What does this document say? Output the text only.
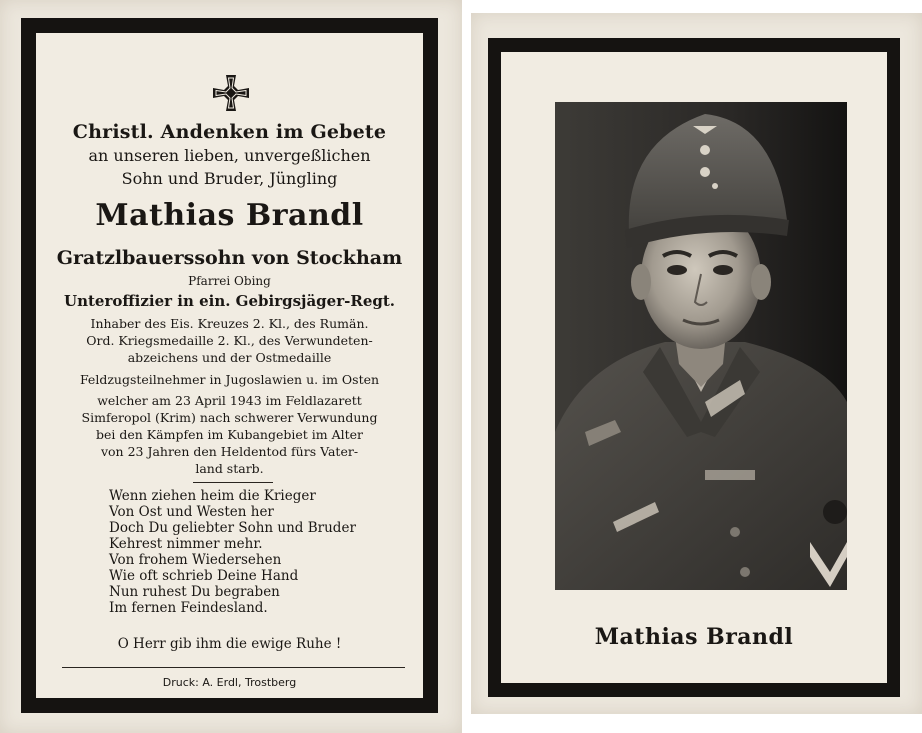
Christl. Andenken im Gebete
an unseren lieben, unvergeßlichen
Sohn und Bruder, Jüngling
Mathias Brandl
Gratzlbauerssohn von Stockham
Pfarrei Obing
Unteroffizier in ein. Gebirgsjäger-Regt.
Inhaber des Eis. Kreuzes 2. Kl., des Rumän.
Ord. Kriegsmedaille 2. Kl., des Verwundeten-
abzeichens und der Ostmedaille
Feldzugsteilnehmer in Jugoslawien u. im Osten
welcher am 23 April 1943 im Feldlazarett
Simferopol (Krim) nach schwerer Verwundung
bei den Kämpfen im Kubangebiet im Alter
von 23 Jahren den Heldentod fürs Vater-
land starb.
Wenn ziehen heim die Krieger
Von Ost und Westen her
Doch Du geliebter Sohn und Bruder
Kehrest nimmer mehr.
Von frohem Wiedersehen
Wie oft schrieb Deine Hand
Nun ruhest Du begraben
Im fernen Feindesland.
O Herr gib ihm die ewige Ruhe !
Druck: A. Erdl, Trostberg
Mathias Brandl
